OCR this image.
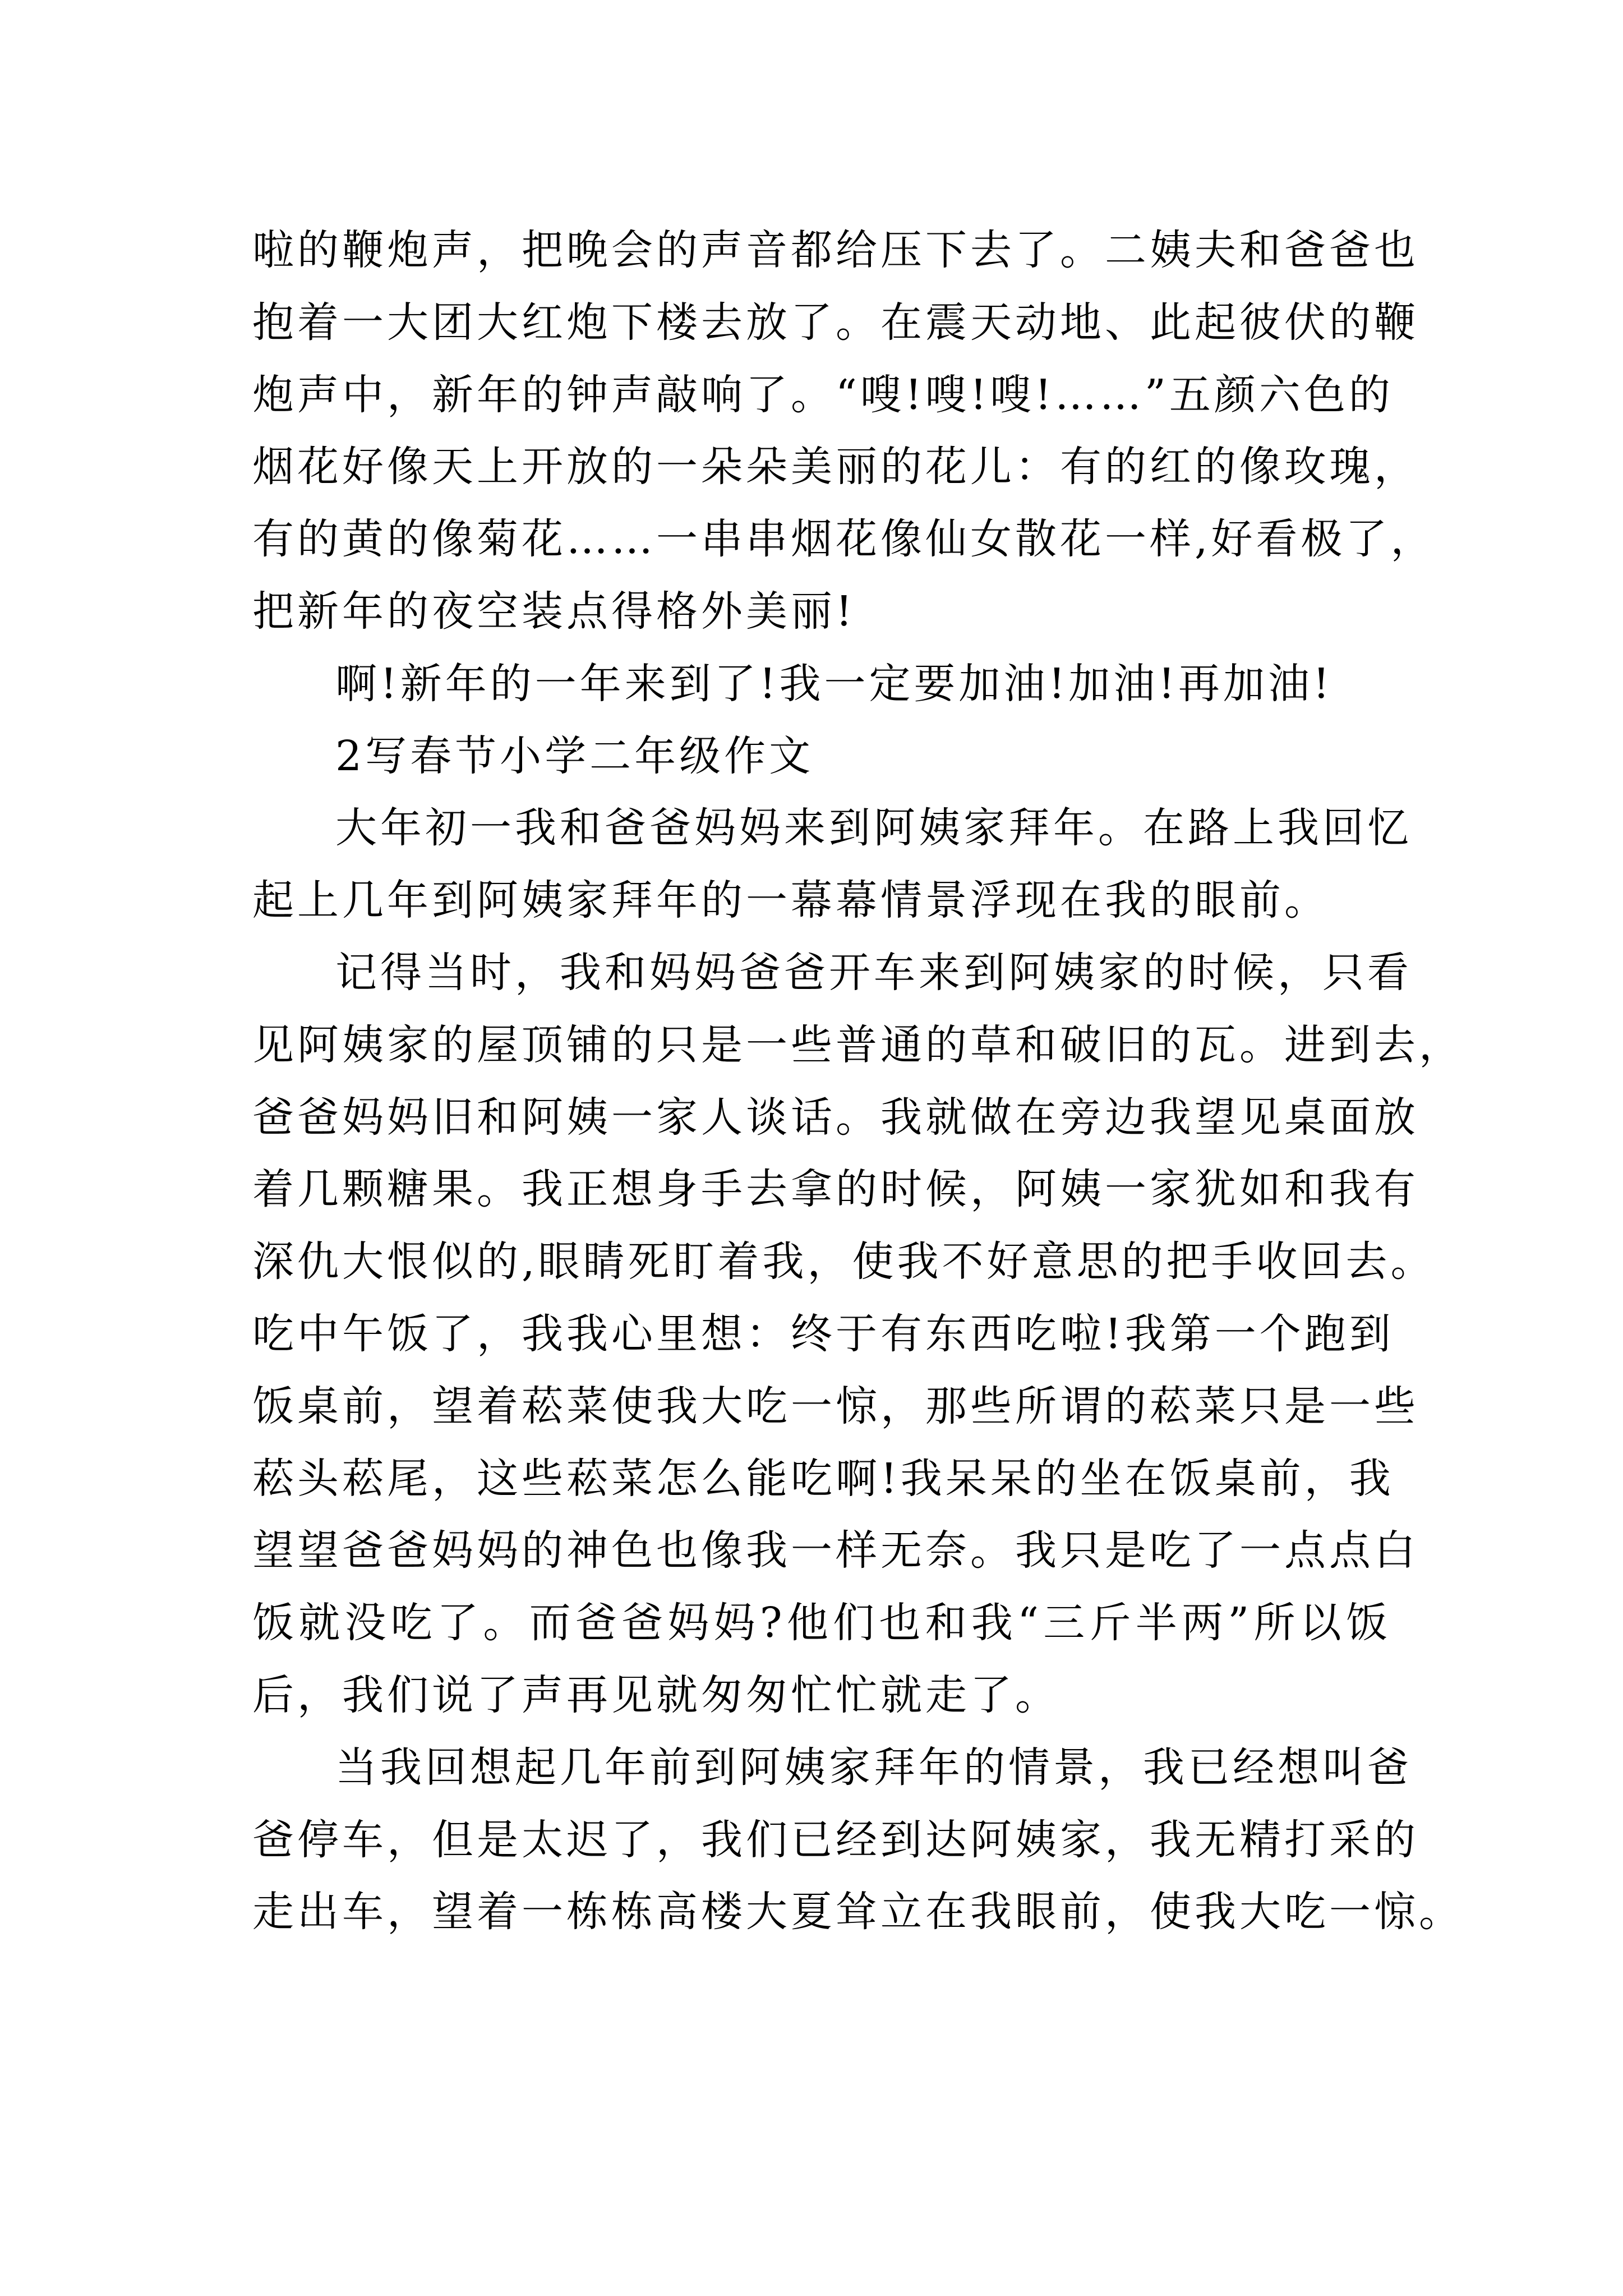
啦的鞭炮声，把晚会的声音都给压下去了。二姨夫和爸爸也
抱着一大团大红炮下楼去放了。在震天动地、此起彼伏的鞭
炮声中，新年的钟声敲响了。“嗖!嗖!嗖!……”五颜六色的
烟花好像天上开放的一朵朵美丽的花儿：有的红的像玫瑰，
有的黄的像菊花……一串串烟花像仙女散花一样,好看极了，
把新年的夜空装点得格外美丽!
啊!新年的一年来到了!我一定要加油!加油!再加油!
2写春节小学二年级作文
大年初一我和爸爸妈妈来到阿姨家拜年。在路上我回忆
起上几年到阿姨家拜年的一幕幕情景浮现在我的眼前。
记得当时，我和妈妈爸爸开车来到阿姨家的时候，只看
见阿姨家的屋顶铺的只是一些普通的草和破旧的瓦。进到去，
爸爸妈妈旧和阿姨一家人谈话。我就做在旁边我望见桌面放
着几颗糖果。我正想身手去拿的时候，阿姨一家犹如和我有
深仇大恨似的,眼睛死盯着我，使我不好意思的把手收回去。
吃中午饭了，我我心里想：终于有东西吃啦!我第一个跑到
饭桌前，望着菘菜使我大吃一惊，那些所谓的菘菜只是一些
菘头菘尾，这些菘菜怎么能吃啊!我呆呆的坐在饭桌前，我
望望爸爸妈妈的神色也像我一样无奈。我只是吃了一点点白
饭就没吃了。而爸爸妈妈?他们也和我“三斤半两”所以饭
后，我们说了声再见就匆匆忙忙就走了。
当我回想起几年前到阿姨家拜年的情景，我已经想叫爸
爸停车，但是太迟了，我们已经到达阿姨家，我无精打采的
走出车，望着一栋栋高楼大夏耸立在我眼前，使我大吃一惊。
